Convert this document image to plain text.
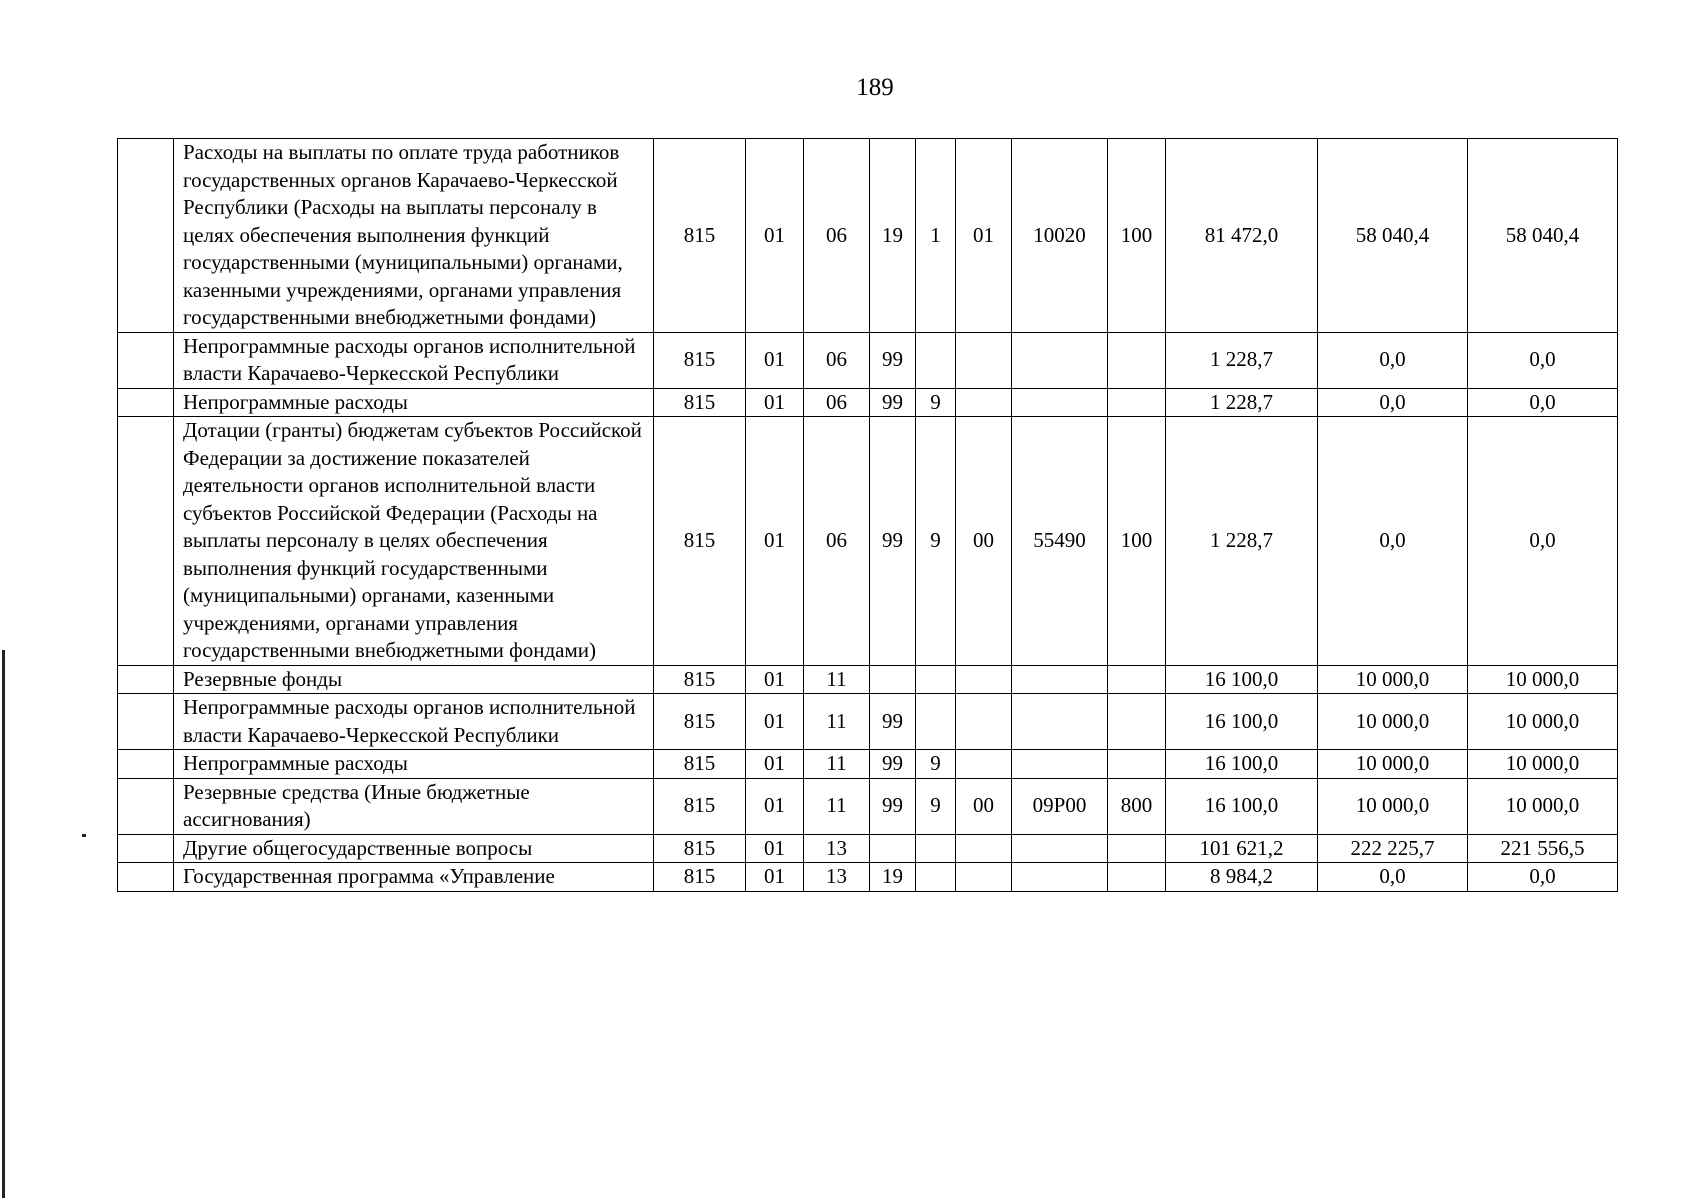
189
	Расходы на выплаты по оплате труда работников государственных органов Карачаево-Черкесской Республики (Расходы на выплаты персоналу в целях обеспечения выполнения функций государственными (муниципальными) органами, казенными учреждениями, органами управления государственными внебюджетными фондами)	815	01	06	19	1	01	10020	100	81 472,0	58 040,4	58 040,4
	Непрограммные расходы органов исполнительной власти Карачаево-Черкесской Республики	815	01	06	99					1 228,7	0,0	0,0
	Непрограммные расходы	815	01	06	99	9				1 228,7	0,0	0,0
	Дотации (гранты) бюджетам субъектов Российской Федерации за достижение показателей деятельности органов исполнительной власти субъектов Российской Федерации (Расходы на выплаты персоналу в целях обеспечения выполнения функций государственными (муниципальными) органами, казенными учреждениями, органами управления государственными внебюджетными фондами)	815	01	06	99	9	00	55490	100	1 228,7	0,0	0,0
	Резервные фонды	815	01	11						16 100,0	10 000,0	10 000,0
	Непрограммные расходы органов исполнительной власти Карачаево-Черкесской Республики	815	01	11	99					16 100,0	10 000,0	10 000,0
	Непрограммные расходы	815	01	11	99	9				16 100,0	10 000,0	10 000,0
	Резервные средства (Иные бюджетные ассигнования)	815	01	11	99	9	00	09Р00	800	16 100,0	10 000,0	10 000,0
	Другие общегосударственные вопросы	815	01	13						101 621,2	222 225,7	221 556,5
	Государственная программа «Управление	815	01	13	19					8 984,2	0,0	0,0
